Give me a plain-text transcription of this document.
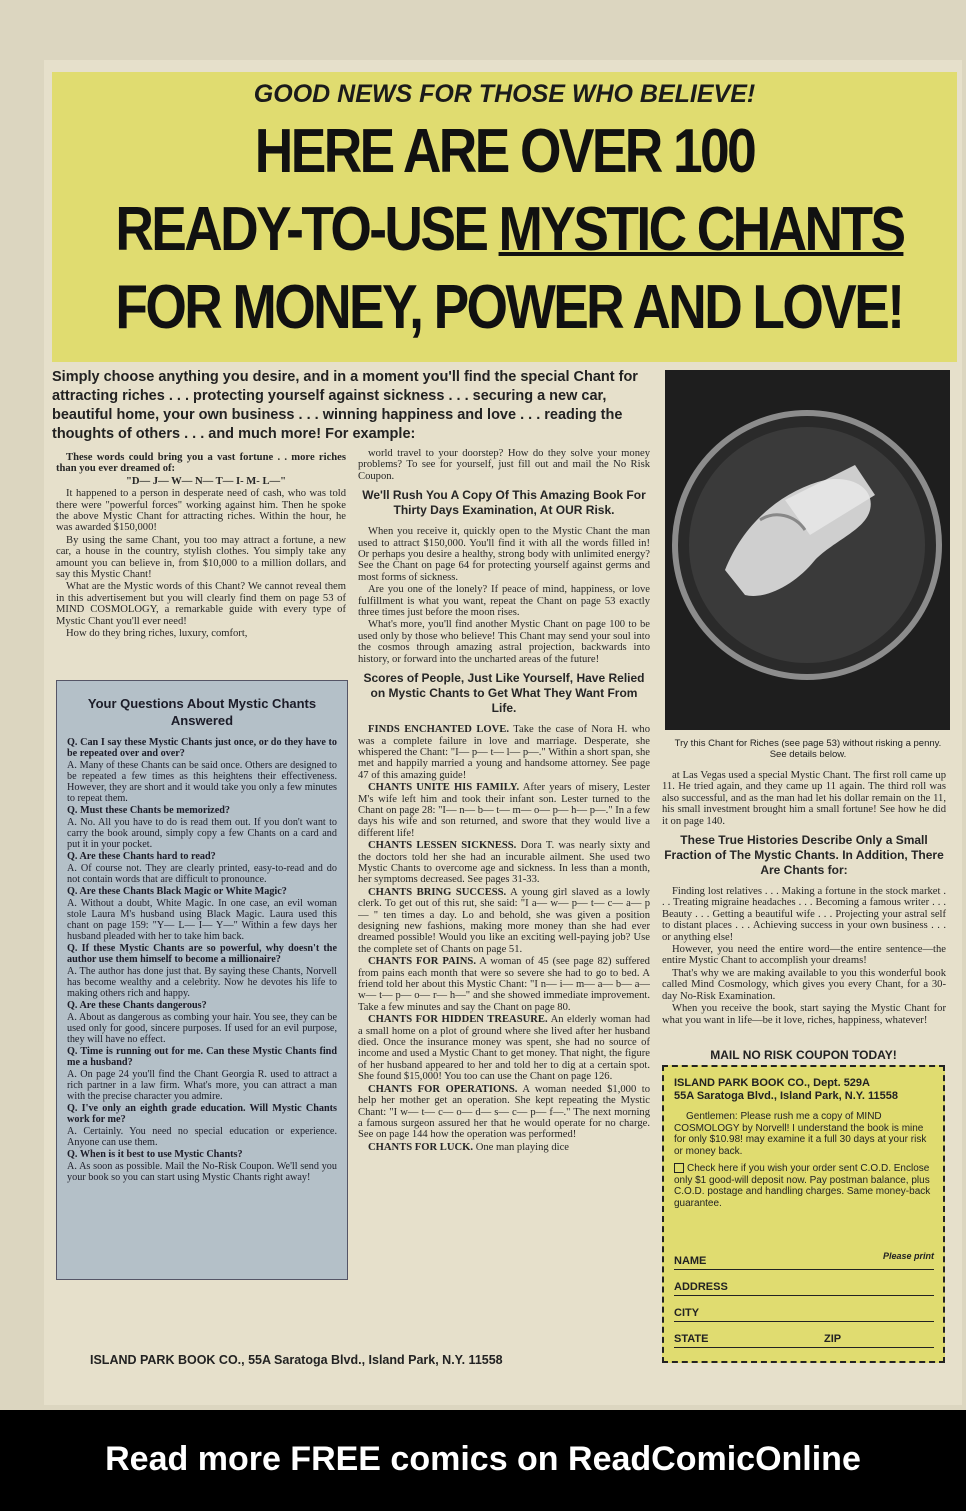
GOOD NEWS FOR THOSE WHO BELIEVE!
HERE ARE OVER 100
READY-TO-USE MYSTIC CHANTS
FOR MONEY, POWER AND LOVE!
Simply choose anything you desire, and in a moment you'll find the special Chant for attracting riches . . . protecting yourself against sickness . . . securing a new car, beautiful home, your own business . . . winning happiness and love . . . reading the thoughts of others . . . and much more! For example:

These words could bring you a vast fortune . . more riches than you ever dreamed of:

"D— J— W— N— T— I- M- L—"

It happened to a person in desperate need of cash, who was told there were "powerful forces" working against him. Then he spoke the above Mystic Chant for attracting riches. Within the hour, he was awarded $150,000!

By using the same Chant, you too may attract a fortune, a new car, a house in the country, stylish clothes. You simply take any amount you can believe in, from $10,000 to a million dollars, and say this Mystic Chant!

What are the Mystic words of this Chant? We cannot reveal them in this advertisement but you will clearly find them on page 53 of MIND COSMOLOGY, a remarkable guide with every type of Mystic Chant you'll ever need!

How do they bring riches, luxury, comfort,

Your Questions About Mystic Chants Answered

Q. Can I say these Mystic Chants just once, or do they have to be repeated over and over?

A. Many of these Chants can be said once. Others are designed to be repeated a few times as this heightens their effectiveness. However, they are short and it would take you only a few minutes to repeat them.

Q. Must these Chants be memorized?

A. No. All you have to do is read them out. If you don't want to carry the book around, simply copy a few Chants on a card and put it in your pocket.

Q. Are these Chants hard to read?

A. Of course not. They are clearly printed, easy-to-read and do not contain words that are difficult to pronounce.

Q. Are these Chants Black Magic or White Magic?

A. Without a doubt, White Magic. In one case, an evil woman stole Laura M's husband using Black Magic. Laura used this chant on page 159: "Y— L— I— Y—" Within a few days her husband pleaded with her to take him back.

Q. If these Mystic Chants are so powerful, why doesn't the author use them himself to become a millionaire?

A. The author has done just that. By saying these Chants, Norvell has become wealthy and a celebrity. Now he devotes his life to making others rich and happy.

Q. Are these Chants dangerous?

A. About as dangerous as combing your hair. You see, they can be used only for good, sincere purposes. If used for an evil purpose, they will have no effect.

Q. Time is running out for me. Can these Mystic Chants find me a husband?

A. On page 24 you'll find the Chant Georgia R. used to attract a rich partner in a law firm. What's more, you can attract a man with the precise character you admire.

Q. I've only an eighth grade education. Will Mystic Chants work for me?

A. Certainly. You need no special education or experience. Anyone can use them.

Q. When is it best to use Mystic Chants?

A. As soon as possible. Mail the No-Risk Coupon. We'll send you your book so you can start using Mystic Chants right away!

ISLAND PARK BOOK CO., 55A Saratoga Blvd., Island Park, N.Y. 11558

world travel to your doorstep? How do they solve your money problems? To see for yourself, just fill out and mail the No Risk Coupon.

We'll Rush You A Copy Of This Amazing Book For Thirty Days Examination, At OUR Risk.

When you receive it, quickly open to the Mystic Chant the man used to attract $150,000. You'll find it with all the words filled in! Or perhaps you desire a healthy, strong body with unlimited energy? See the Chant on page 64 for protecting yourself against germs and most forms of sickness.

Are you one of the lonely? If peace of mind, happiness, or love fulfillment is what you want, repeat the Chant on page 53 exactly three times just before the moon rises.

What's more, you'll find another Mystic Chant on page 100 to be used only by those who believe! This Chant may send your soul into the cosmos through amazing astral projection, backwards into history, or forward into the uncharted areas of the future!

Scores of People, Just Like Yourself, Have Relied on Mystic Chants to Get What They Want From Life.

FINDS ENCHANTED LOVE. Take the case of Nora H. who was a complete failure in love and marriage. Desperate, she whispered the Chant: "I— p— t— l— p—." Within a short span, she met and happily married a young and handsome attorney. See page 47 of this amazing guide!

CHANTS UNITE HIS FAMILY. After years of misery, Lester M's wife left him and took their infant son. Lester turned to the Chant on page 28: "I— n— b— t— m— o— p— h— p—." In a few days his wife and son returned, and swore that they would live a different life!

CHANTS LESSEN SICKNESS. Dora T. was nearly sixty and the doctors told her she had an incurable ailment. She used two Mystic Chants to overcome age and sickness. In less than a month, her symptoms decreased. See pages 31-33.

CHANTS BRING SUCCESS. A young girl slaved as a lowly clerk. To get out of this rut, she said: "I a— w— p— t— c— a— p— " ten times a day. Lo and behold, she was given a position designing new fashions, making more money than she had ever dreamed possible! Would you like an exciting well-paying job? Use the complete set of Chants on page 51.

CHANTS FOR PAINS. A woman of 45 (see page 82) suffered from pains each month that were so severe she had to go to bed. A friend told her about this Mystic Chant: "I n— i— m— a— b— a— w— t— p— o— r— h—" and she showed immediate improvement. Take a few minutes and say the Chant on page 80.

CHANTS FOR HIDDEN TREASURE. An elderly woman had a small home on a plot of ground where she lived after her husband died. Once the insurance money was spent, she had no source of income and used a Mystic Chant to get money. That night, the figure of her husband appeared to her and told her to dig at a certain spot. She found $15,000! You too can use the Chant on page 126.

CHANTS FOR OPERATIONS. A woman needed $1,000 to help her mother get an operation. She kept repeating the Mystic Chant: "I w— t— c— o— d— s— c— p— f—." The next morning a famous surgeon assured her that he would operate for no charge. See on page 144 how the operation was performed!

CHANTS FOR LUCK. One man playing dice

Try this Chant for Riches (see page 53) without risking a penny. See details below.

at Las Vegas used a special Mystic Chant. The first roll came up 11. He tried again, and they came up 11 again. The third roll was also successful, and as the man had let his dollar remain on the 11, his small investment brought him a small fortune! See how he did it on page 140.

These True Histories Describe Only a Small Fraction of The Mystic Chants. In Addition, There Are Chants for:

Finding lost relatives . . . Making a fortune in the stock market . . . Treating migraine headaches . . . Becoming a famous writer . . . Beauty . . . Getting a beautiful wife . . . Projecting your astral self to distant places . . . Achieving success in your own business . . . or anything else!

However, you need the entire word—the entire sentence—the entire Mystic Chant to accomplish your dreams!

That's why we are making available to you this wonderful book called Mind Cosmology, which gives you every Chant, for a 30-day No-Risk Examination.

When you receive the book, start saying the Mystic Chant for what you want in life—be it love, riches, happiness, whatever!

MAIL NO RISK COUPON TODAY!
ISLAND PARK BOOK CO., Dept. 529A
55A Saratoga Blvd., Island Park, N.Y. 11558

Gentlemen: Please rush me a copy of MIND COSMOLOGY by Norvell! I understand the book is mine for only $10.98! may examine it a full 30 days at your risk or money back.

Check here if you wish your order sent C.O.D. Enclose only $1 good-will deposit now. Pay postman balance, plus C.O.D. postage and handling charges. Same money-back guarantee.

NAME	Please print
ADDRESS
CITY
STATE	ZIP
Read more FREE comics on ReadComicOnline
